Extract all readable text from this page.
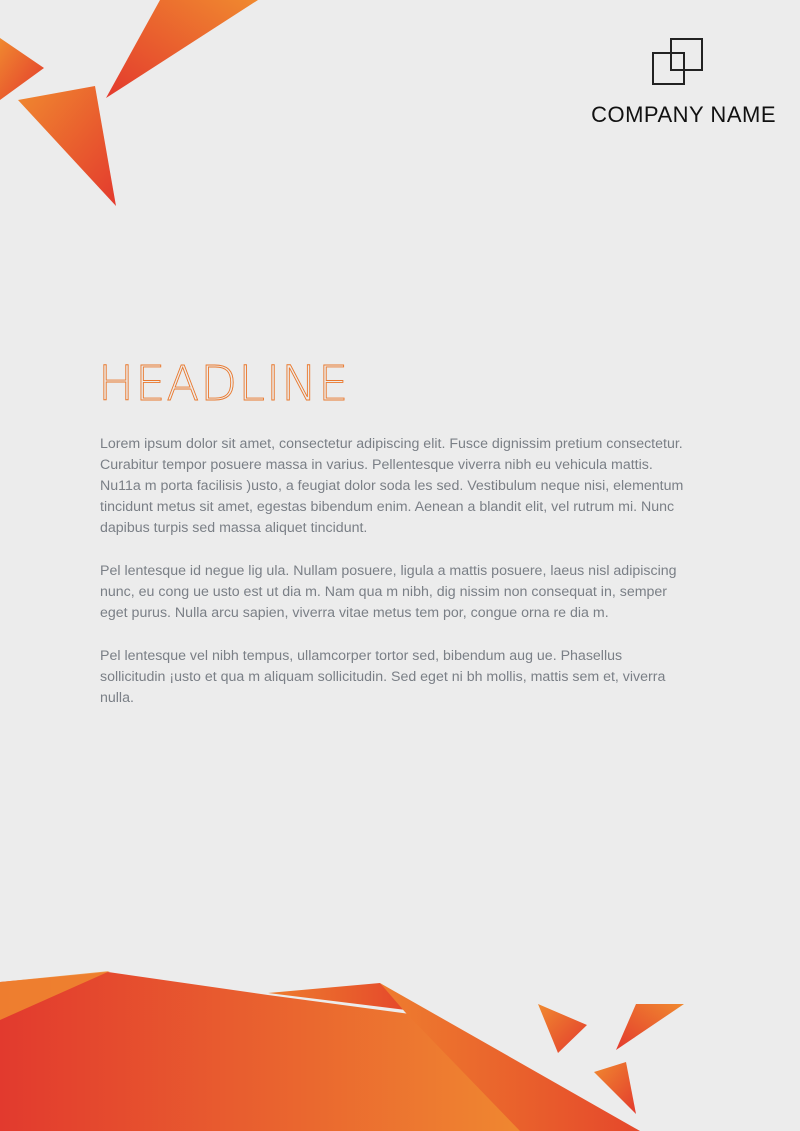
COMPANY NAME
HEADLINE

Lorem ipsum dolor sit amet, consectetur adipiscing elit. Fusce dignissim pretium consectetur. Curabitur tempor posuere massa in varius. Pellentesque viverra nibh eu vehicula mattis. Nu11a m porta facilisis )usto, a feugiat dolor soda les sed. Vestibulum neque nisi, elementum tincidunt metus sit amet, egestas bibendum enim. Aenean a blandit elit, vel rutrum mi. Nunc dapibus turpis sed massa aliquet tincidunt.

Pel lentesque id negue lig ula. Nullam posuere, ligula a mattis posuere, laeus nisl adipiscing nunc, eu cong ue usto est ut dia m. Nam qua m nibh, dig nissim non consequat in, semper eget purus. Nulla arcu sapien, viverra vitae metus tem por, congue orna re dia m.

Pel lentesque vel nibh tempus, ullamcorper tortor sed, bibendum aug ue. Phasellus sollicitudin ¡usto et qua m aliquam sollicitudin. Sed eget ni bh mollis, mattis sem et, viverra nulla.
